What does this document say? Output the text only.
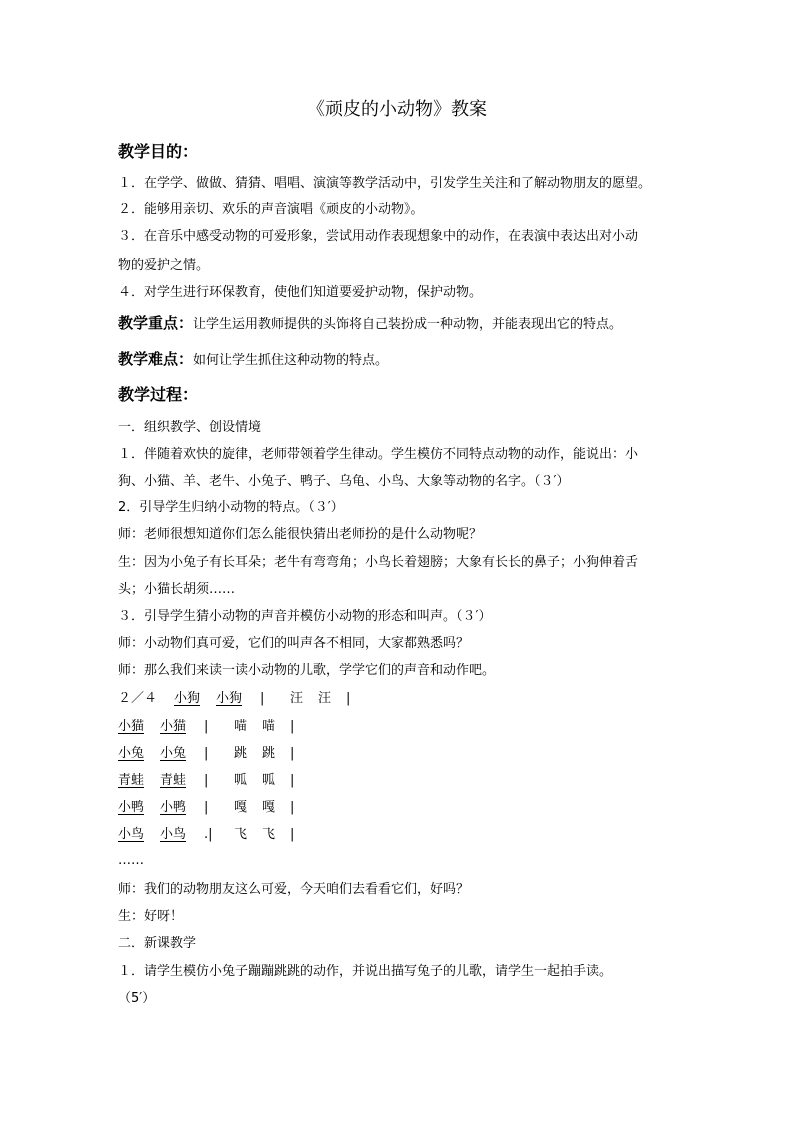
《顽皮的小动物》教案
教学目的：
１．在学学、做做、猜猜、唱唱、演演等教学活动中，引发学生关注和了解动物朋友的愿望。
２．能够用亲切、欢乐的声音演唱《顽皮的小动物》。
３．在音乐中感受动物的可爱形象，尝试用动作表现想象中的动作，在表演中表达出对小动
物的爱护之情。
４．对学生进行环保教育，使他们知道要爱护动物，保护动物。
教学重点：让学生运用教师提供的头饰将自己装扮成一种动物，并能表现出它的特点。
教学难点：如何让学生抓住这种动物的特点。
教学过程：
一．组织教学、创设情境
１．伴随着欢快的旋律，老师带领着学生律动。学生模仿不同特点动物的动作，能说出：小
狗、小猫、羊、老牛、小兔子、鸭子、乌龟、小鸟、大象等动物的名字。（３′）
2．引导学生归纳小动物的特点。（３′）
师：老师很想知道你们怎么能很快猜出老师扮的是什么动物呢？
生：因为小兔子有长耳朵；老牛有弯弯角；小鸟长着翅膀；大象有长长的鼻子；小狗伸着舌
头；小猫长胡须……
３．引导学生猜小动物的声音并模仿小动物的形态和叫声。（３′）
师：小动物们真可爱，它们的叫声各不相同，大家都熟悉吗？
师：那么我们来读一读小动物的儿歌，学学它们的声音和动作吧。
２／４ 小狗 小狗 | 汪 汪 |
小猫 小猫 | 喵 喵 |
小兔 小兔 | 跳 跳 |
青蛙 青蛙 | 呱 呱 |
小鸭 小鸭 | 嘎 嘎 |
小鸟 小鸟 .| 飞 飞 |
……
师：我们的动物朋友这么可爱，今天咱们去看看它们，好吗？
生：好呀！
二．新课教学
１．请学生模仿小兔子蹦蹦跳跳的动作，并说出描写兔子的儿歌，请学生一起拍手读。
（5′）
